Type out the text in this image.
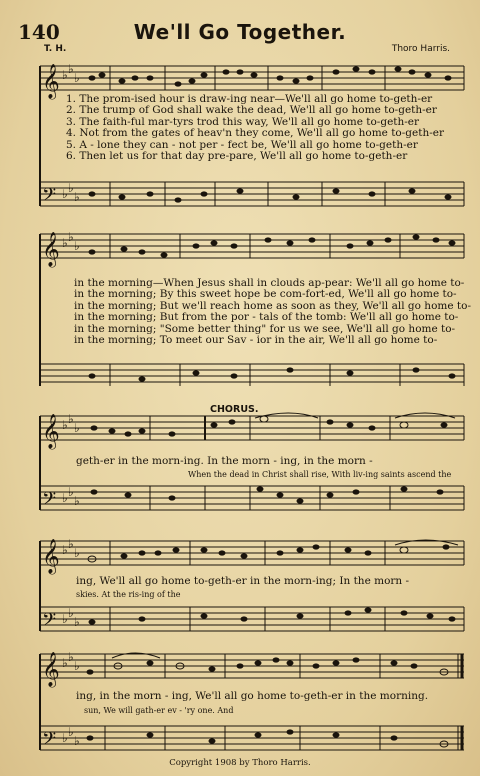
140	We'll Go Together.
T. H.	Thoro Harris.
𝄞
𝄢
♭ ♭
♭
♭ ♭
♭
1. The prom-ised hour is draw-ing near—We'll all go home to-geth-er
2. The trump of God shall wake the dead, We'll all go home to-geth-er
3. The faith-ful mar-tyrs trod this way, We'll all go home to-geth-er
4. Not from the gates of heav'n they come, We'll all go home to-geth-er
5. A - lone they can - not per - fect be, We'll all go home to-geth-er
6. Then let us for that day pre-pare, We'll all go home to-geth-er
𝄞 ♭ ♭
♭
in the morning—When Jesus shall in clouds ap-pear: We'll all go home to-
in the morning; By this sweet hope be com-fort-ed, We'll all go home to-
in the morning; But we'll reach home as soon as they, We'll all go home to-
in the morning; But from the por - tals of the tomb: We'll all go home to-
in the morning; "Some better thing" for us we see, We'll all go home to-
in the morning; To meet our Sav - ior in the air, We'll all go home to-
CHORUS.
𝄞
𝄢
♭ ♭
♭
♭ ♭
♭
geth-er in the morn-ing. In the morn - ing, in the morn -
When the dead in Christ shall rise, With liv-ing saints ascend the
𝄞
𝄢
♭ ♭
♭
♭ ♭
♭
ing, We'll all go home to-geth-er in the morn-ing; In the morn -
skies. At the ris-ing of the
𝄞
𝄢
♭ ♭
♭
♭ ♭
♭
ing, in the morn - ing, We'll all go home to-geth-er in the morning.
sun, We will gath-er ev - 'ry one. And
Copyright 1908 by Thoro Harris.
